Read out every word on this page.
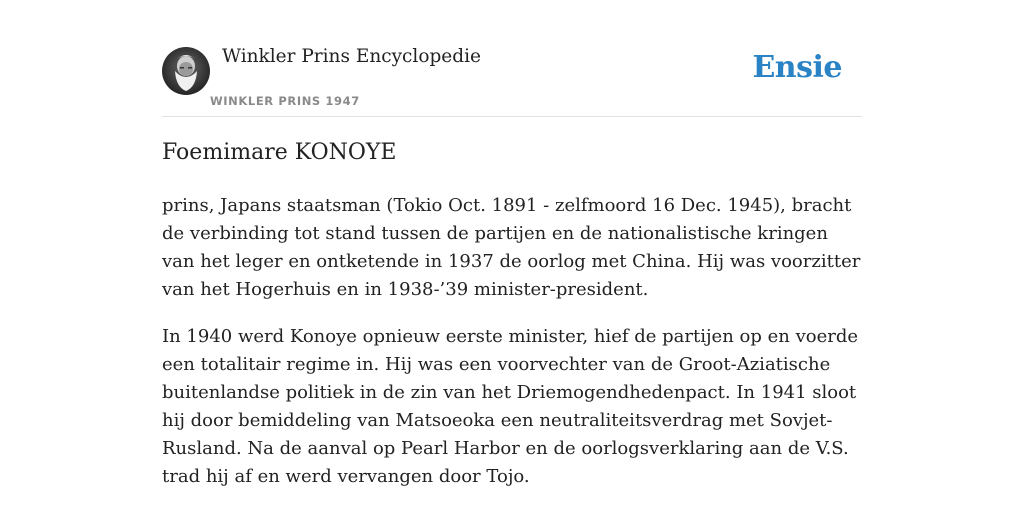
Winkler Prins Encyclopedie
WINKLER PRINS 1947
Ensie
Foemimare KONOYE

prins, Japans staatsman (Tokio Oct. 1891 - zelfmoord 16 Dec. 1945), bracht de verbinding tot stand tussen de partijen en de nationalistische kringen van het leger en ontketende in 1937 de oorlog met China. Hij was voorzitter van het Hogerhuis en in 1938-’39 minister-president.

In 1940 werd Konoye opnieuw eerste minister, hief de partijen op en voerde een totalitair regime in. Hij was een voorvechter van de Groot-Aziatische buitenlandse politiek in de zin van het Driemogendhedenpact. In 1941 sloot hij door bemiddeling van Matsoeoka een neutraliteitsverdrag met Sovjet-Rusland. Na de aanval op Pearl Harbor en de oorlogsverklaring aan de V.S. trad hij af en werd vervangen door Tojo.
